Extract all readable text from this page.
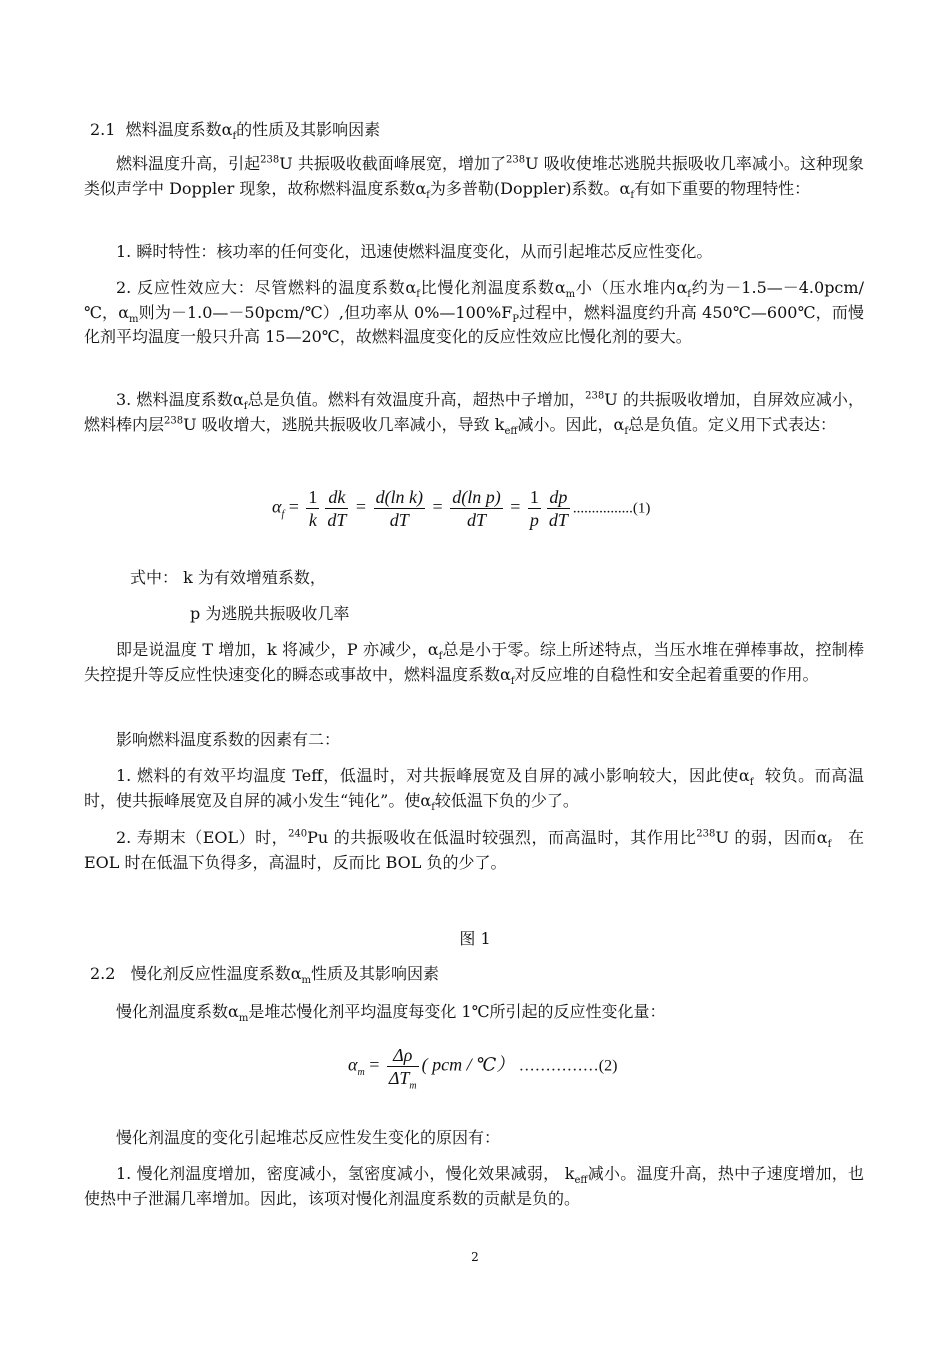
2.1 燃料温度系数$\alpha_f$的性质及其影响因素

燃料温度升高，引起$^{238}$U 共振吸收截面峰展宽，增加了$^{238}$U 吸收使堆芯逃脱共振吸收几率减小。这种现象类似声学中 Doppler 现象，故称燃料温度系数$\alpha_f$为多普勒(Doppler)系数。$\alpha_f$有如下重要的物理特性：

1. 瞬时特性：核功率的任何变化，迅速使燃料温度变化，从而引起堆芯反应性变化。

2. 反应性效应大：尽管燃料的温度系数$\alpha_f$比慢化剂温度系数$\alpha_m$小（压水堆内$\alpha_f$约为－1.5—－4.0pcm/℃，$\alpha_m$则为－1.0—－50pcm/℃）,但功率从 $0\%—100\%F_P$过程中，燃料温度约升高 450℃—600℃，而慢化剂平均温度一般只升高 15—20℃，故燃料温度变化的反应性效应比慢化剂的要大。

3. 燃料温度系数$\alpha_f$总是负值。燃料有效温度升高，超热中子增加，$^{238}$U 的共振吸收增加，自屏效应减小，燃料棒内层$^{238}$U 吸收增大，逃脱共振吸收几率减小，导致 $k_{eff}$减小。因此，$\alpha_f$总是负值。定义用下式表达：

$\alpha_f = \frac{1}{k} \frac{dk}{dT} = \frac{\text{d(ln k)}}{dT} = \frac{\text{d(ln p)}}{dT} = \frac{1}{p} \frac{dp}{dT} ................(1)$

式中： k 为有效增殖系数，

p 为逃脱共振吸收几率

即是说温度 T 增加，k 将减少，P 亦减少，$\alpha_f$总是小于零。综上所述特点，当压水堆在弹棒事故，控制棒失控提升等反应性快速变化的瞬态或事故中，燃料温度系数$\alpha_f$对反应堆的自稳性和安全起着重要的作用。

影响燃料温度系数的因素有二：

1. 燃料的有效平均温度 Teff，低温时，对共振峰展宽及自屏的减小影响较大，因此使$\alpha_f$ 较负。而高温时，使共振峰展宽及自屏的减小发生“钝化”。使$\alpha_f$较低温下负的少了。

2. 寿期末（EOL）时，$^{240}$Pu 的共振吸收在低温时较强烈，而高温时，其作用比$^{238}$U 的弱，因而$\alpha_f$ 在 EOL 时在低温下负得多，高温时，反而比 BOL 负的少了。

图 1

2.2 慢化剂反应性温度系数$\alpha_m$性质及其影响因素

慢化剂温度系数$\alpha_m$是堆芯慢化剂平均温度每变化 1℃所引起的反应性变化量：

$\alpha_m = \frac{\Delta\rho}{\Delta T_m}$ ( pcm / ℃） ……………(2)

慢化剂温度的变化引起堆芯反应性发生变化的原因有：

1. 慢化剂温度增加，密度减小，氢密度减小，慢化效果减弱， $k_{eff}$减小。温度升高，热中子速度增加，也使热中子泄漏几率增加。因此，该项对慢化剂温度系数的贡献是负的。

2
